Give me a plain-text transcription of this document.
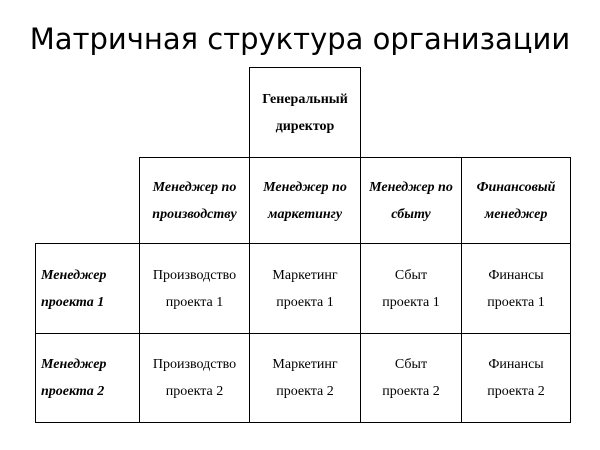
Матричная структура организации
Генеральный
директор
Менеджер по
производству
Менеджер по
маркетингу
Менеджер по
сбыту
Финансовый
менеджер
Менеджер
проекта 1
Производство
проекта 1
Маркетинг
проекта 1
Сбыт
проекта 1
Финансы
проекта 1
Менеджер
проекта 2
Производство
проекта 2
Маркетинг
проекта 2
Сбыт
проекта 2
Финансы
проекта 2
